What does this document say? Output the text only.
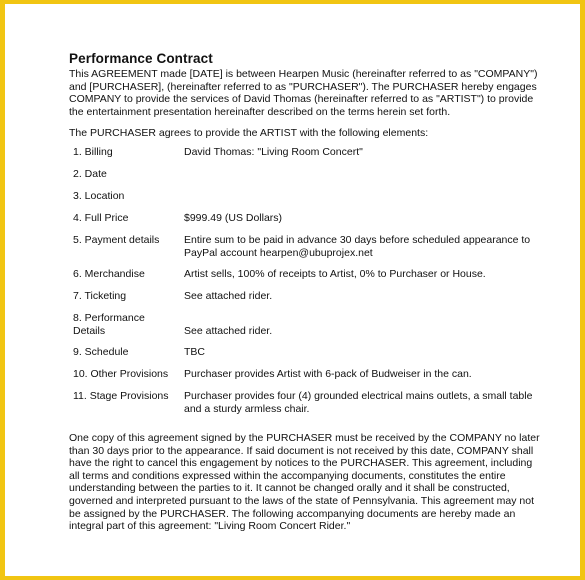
Performance Contract
This AGREEMENT made [DATE] is between Hearpen Music (hereinafter referred to as "COMPANY")
and [PURCHASER], (hereinafter referred to as "PURCHASER"). The PURCHASER hereby engages
COMPANY to provide the services of David Thomas (hereinafter referred to as "ARTIST") to provide
the entertainment presentation hereinafter described on the terms herein set forth.
The PURCHASER agrees to provide the ARTIST with the following elements:
1. Billing	David Thomas: "Living Room Concert"
2. Date
3. Location
4. Full Price	$999.49 (US Dollars)
5. Payment details	Entire sum to be paid in advance 30 days before scheduled appearance to
PayPal account hearpen@ubuprojex.net
6. Merchandise	Artist sells, 100% of receipts to Artist, 0% to Purchaser or House.
7. Ticketing	See attached rider.
8. Performance
Details
	See attached rider.
9. Schedule	TBC
10. Other Provisions	Purchaser provides Artist with 6-pack of Budweiser in the can.
11. Stage Provisions	Purchaser provides four (4) grounded electrical mains outlets, a small table
and a sturdy armless chair.
One copy of this agreement signed by the PURCHASER must be received by the COMPANY no later
than 30 days prior to the appearance. If said document is not received by this date, COMPANY shall
have the right to cancel this engagement by notices to the PURCHASER. This agreement, including
all terms and conditions expressed within the accompanying documents, constitutes the entire
understanding between the parties to it. It cannot be changed orally and it shall be constructed,
governed and interpreted pursuant to the laws of the state of Pennsylvania. This agreement may not
be assigned by the PURCHASER. The following accompanying documents are hereby made an
integral part of this agreement: "Living Room Concert Rider."
